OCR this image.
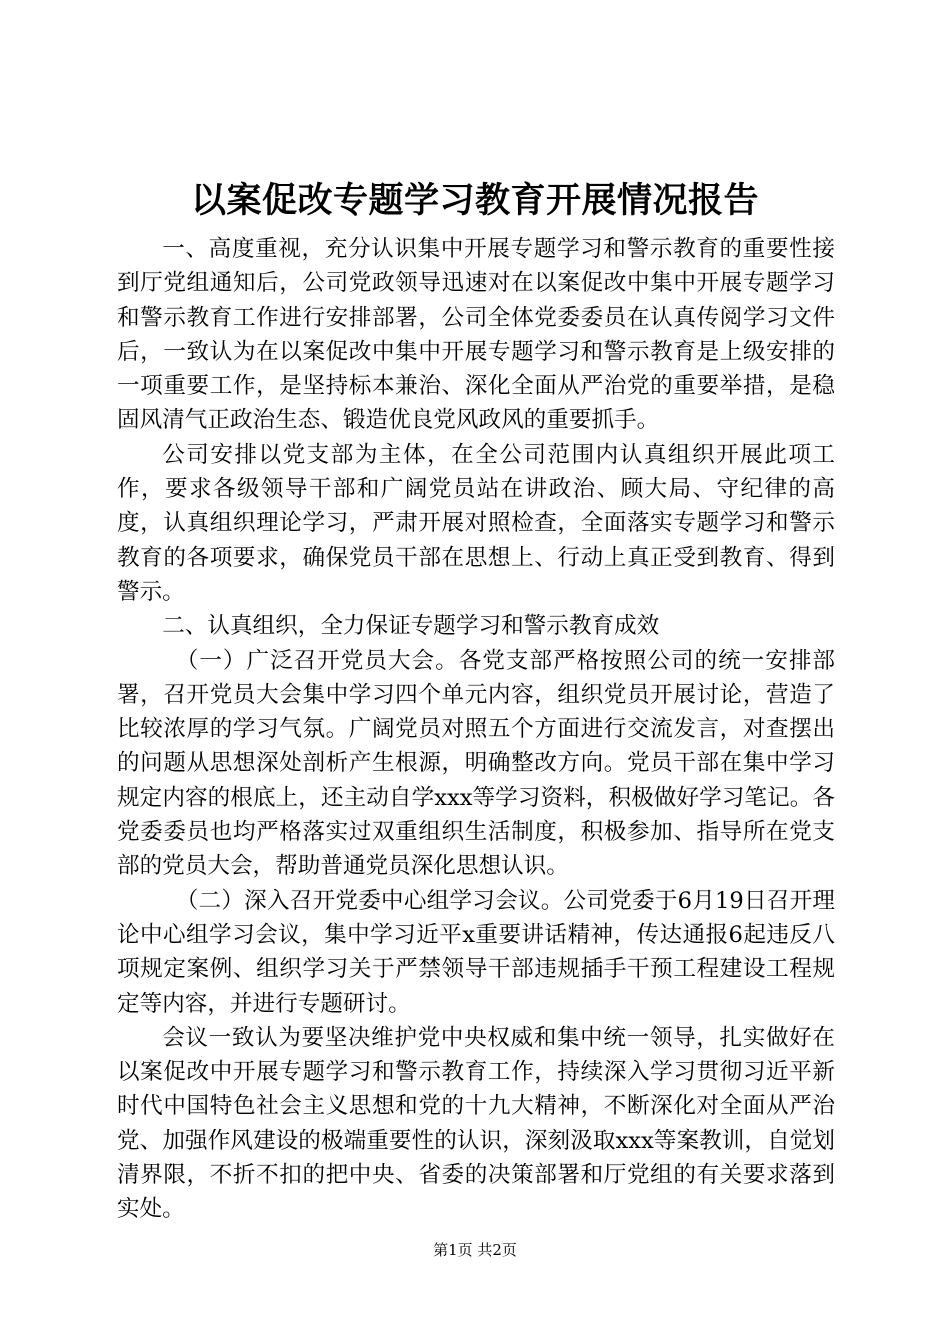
以案促改专题学习教育开展情况报告

一、高度重视，充分认识集中开展专题学习和警示教育的重要性接到厅党组通知后，公司党政领导迅速对在以案促改中集中开展专题学习和警示教育工作进行安排部署，公司全体党委委员在认真传阅学习文件后，一致认为在以案促改中集中开展专题学习和警示教育是上级安排的一项重要工作，是坚持标本兼治、深化全面从严治党的重要举措，是稳固风清气正政治生态、锻造优良党风政风的重要抓手。

公司安排以党支部为主体，在全公司范围内认真组织开展此项工作，要求各级领导干部和广阔党员站在讲政治、顾大局、守纪律的高度，认真组织理论学习，严肃开展对照检查，全面落实专题学习和警示教育的各项要求，确保党员干部在思想上、行动上真正受到教育、得到警示。

二、认真组织，全力保证专题学习和警示教育成效

（一）广泛召开党员大会。各党支部严格按照公司的统一安排部署，召开党员大会集中学习四个单元内容，组织党员开展讨论，营造了比较浓厚的学习气氛。广阔党员对照五个方面进行交流发言，对查摆出的问题从思想深处剖析产生根源，明确整改方向。党员干部在集中学习规定内容的根底上，还主动自学xxx等学习资料，积极做好学习笔记。各党委委员也均严格落实过双重组织生活制度，积极参加、指导所在党支部的党员大会，帮助普通党员深化思想认识。

（二）深入召开党委中心组学习会议。公司党委于6月19日召开理论中心组学习会议，集中学习近平x重要讲话精神，传达通报6起违反八项规定案例、组织学习关于严禁领导干部违规插手干预工程建设工程规定等内容，并进行专题研讨。

会议一致认为要坚决维护党中央权威和集中统一领导，扎实做好在以案促改中开展专题学习和警示教育工作，持续深入学习贯彻习近平新时代中国特色社会主义思想和党的十九大精神，不断深化对全面从严治党、加强作风建设的极端重要性的认识，深刻汲取xxx等案教训，自觉划清界限，不折不扣的把中央、省委的决策部署和厅党组的有关要求落到实处。

第1页 共2页
